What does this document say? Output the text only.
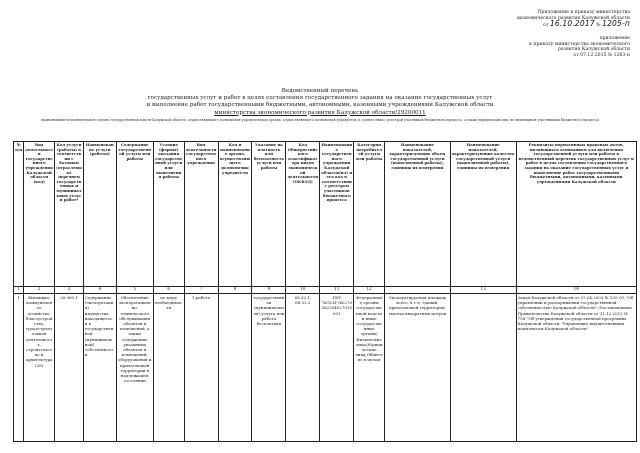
Приложение к приказу министерства
экономического развития Калужской области
от 16.10.2017 № 1205-п
приложение
к приказу министерства экономического
развития Калужской области
от 07.12.2015 № 1263-п
Ведомственный перечень
государственных услуг и работ в целях составления государственного задания на оказание государственных услуг
и выполнение работ государственными бюджетными, автономными, казенными учреждениями Калужской области
министерства экономического развития Калужской области/29200011
(наименование исполнительного органа государственной власти Калужской области, осуществляющего полномочия учредителя/код органа, осуществляющего полномочия учредителя, в соответствии с реестром участников бюджетного процесса, а также юридических лиц, не являющихся участниками бюджетного процесса)
№ п/п	Вид деятельности государственного учреждения Калужской области (код)	Код услуги (работы) в соответствии с базовым (отраслевым) перечнем государственных и муниципальных услуг и работ*	Наименование услуги (работы)	Содержание государственной услуги или работы	Условие (формы) оказания государственной услуги или выполнения работы	Вид деятельности государственного учреждения	Код и наименование органа, осуществляющего полномочия учредителя	Указание на платность или бесплатность услуги или работы	Код Общероссийского классификатора видов экономической деятельности (ОКВЭД)	Наименование государственного учреждения Калужской области(ил) и его код в соответствии с реестром участников бюджетного процесса	Категории потребителей услуги или работы	Наименование показателей, характеризующих объем государственной услуги (выполненной работы), единицы их измерения	Наименование показателей, характеризующих качество государственной услуги (выполненной работы), единицы их измерения	Реквизиты нормативных правовых актов, являющихся основанием для включения государственной услуги или работы в ведомственный перечень государственных услуг и работ в целях составления государственного задания на оказание государственных услуг и выполнение работ государственными бюджетными, автономными, казенными учреждениями Калужской области
1	2	3	4	5	6	7	8	9	10	11	12		13	14
1	Жилищно-коммунальное хозяйство, благоустройство, градостроительная деятельность, строительство и архитектура (28)	28.060.1	Содержание (эксплуатация) имущества, находящегося в государственной (муниципальной) собственности	Обеспечение эксплуатационно-технического обслуживания объектов и помещений, а также содержание указанных объектов и помещений, оборудования и прилегающей территории в надлежащем состоянии	по мере необходимости	1-работа		государственная (муниципальная) услуга или работа бесплатная	68.32.1, 68.32.2	ГБУ "КОСИ"/40270562304027010001	Федеральные органы государственной власти и иные государственные органы/Физические лица;Юридические лица;Общество в целом	Эксплуатируемая площадь всего, в т.ч. зданий, прилегающей территории, тысяча квадратных метров		Закон Калужской области от 07.04.2003 № 192-ОЗ "Об управлении и распоряжении государственной собственностью Калужской области"; Постановление Правительства Калужской области от 31.12.2013 № 754 "Об утверждении государственной программы Калужской области "Управление имущественным комплексом Калужской области"
